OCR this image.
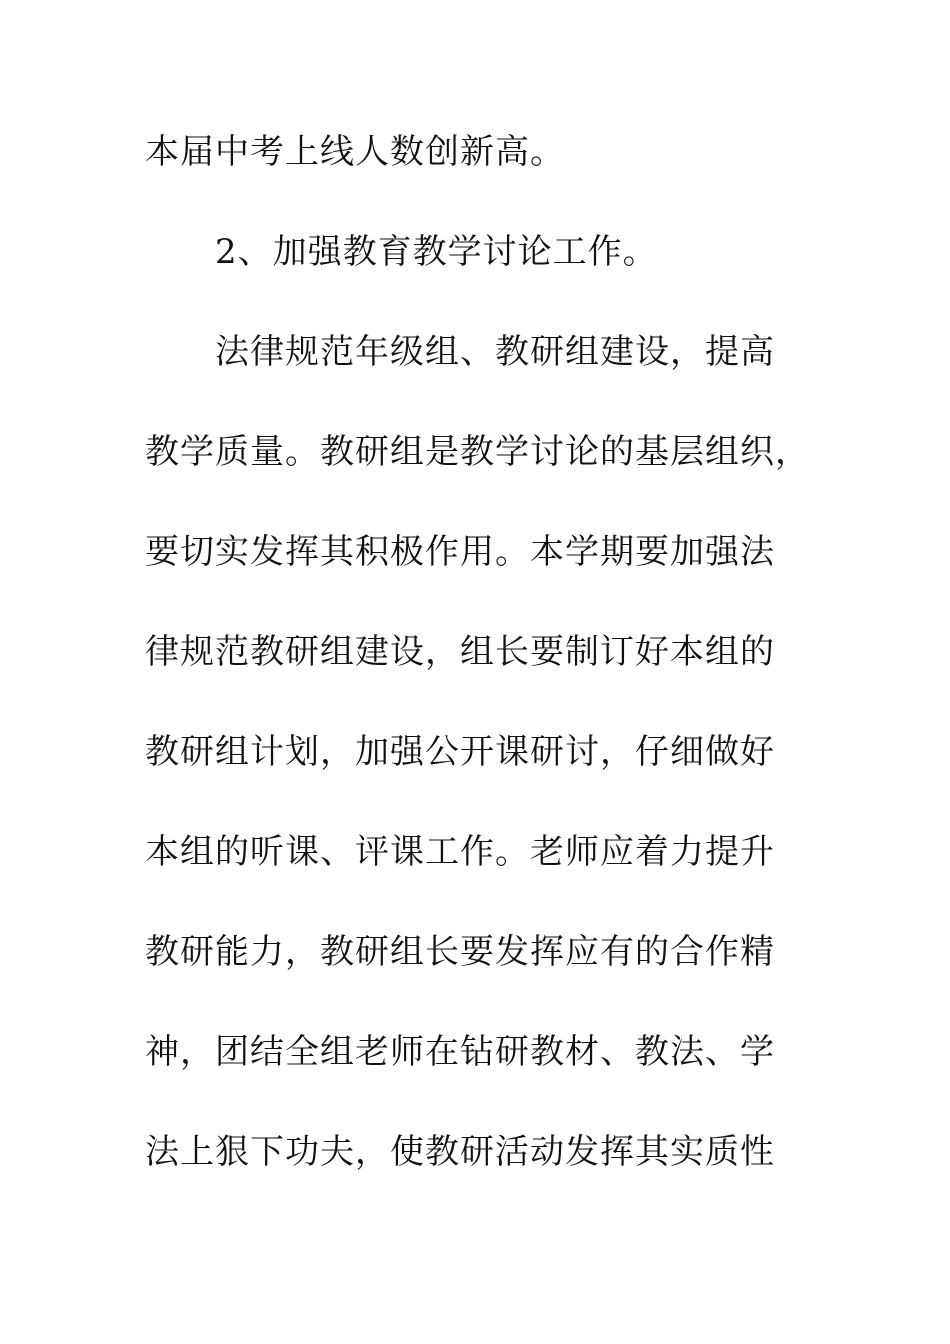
本届中考上线人数创新高。
2、加强教育教学讨论工作。
法律规范年级组、教研组建设，提高
教学质量。教研组是教学讨论的基层组织，
要切实发挥其积极作用。本学期要加强法
律规范教研组建设，组长要制订好本组的
教研组计划，加强公开课研讨，仔细做好
本组的听课、评课工作。老师应着力提升
教研能力，教研组长要发挥应有的合作精
神，团结全组老师在钻研教材、教法、学
法上狠下功夫，使教研活动发挥其实质性
